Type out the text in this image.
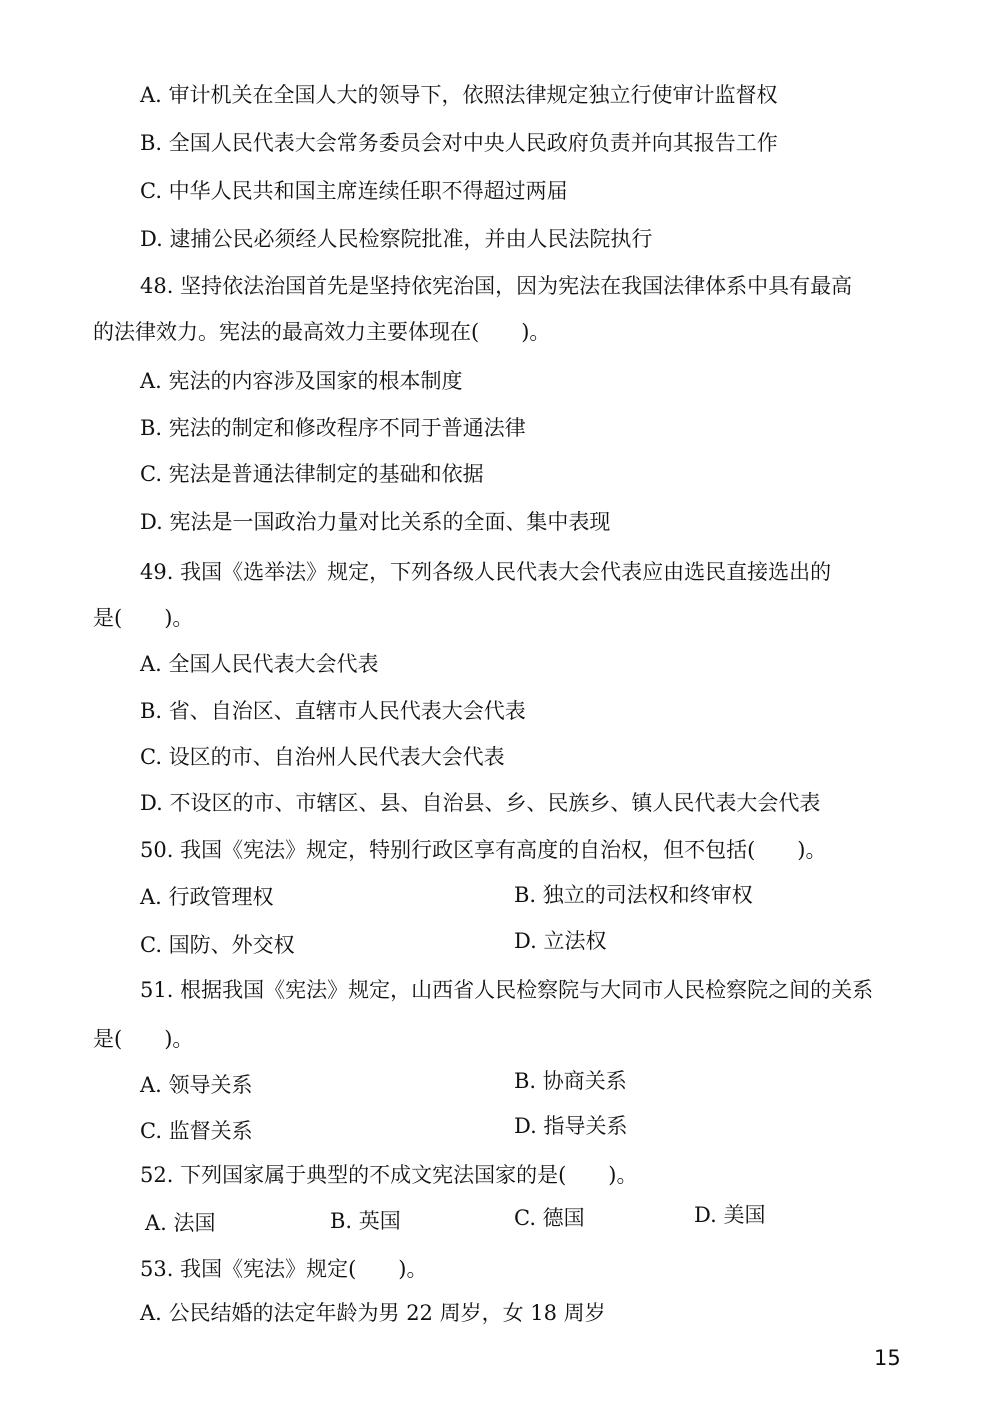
A. 审计机关在全国人大的领导下，依照法律规定独立行使审计监督权
B. 全国人民代表大会常务委员会对中央人民政府负责并向其报告工作
C. 中华人民共和国主席连续任职不得超过两届
D. 逮捕公民必须经人民检察院批准，并由人民法院执行
48. 坚持依法治国首先是坚持依宪治国，因为宪法在我国法律体系中具有最高
的法律效力。宪法的最高效力主要体现在(　　)。
A. 宪法的内容涉及国家的根本制度
B. 宪法的制定和修改程序不同于普通法律
C. 宪法是普通法律制定的基础和依据
D. 宪法是一国政治力量对比关系的全面、集中表现
49. 我国《选举法》规定，下列各级人民代表大会代表应由选民直接选出的
是(　　)。
A. 全国人民代表大会代表
B. 省、自治区、直辖市人民代表大会代表
C. 设区的市、自治州人民代表大会代表
D. 不设区的市、市辖区、县、自治县、乡、民族乡、镇人民代表大会代表
50. 我国《宪法》规定，特别行政区享有高度的自治权，但不包括(　　)。
A. 行政管理权	B. 独立的司法权和终审权
C. 国防、外交权	D. 立法权
51. 根据我国《宪法》规定，山西省人民检察院与大同市人民检察院之间的关系
是(　　)。
A. 领导关系	B. 协商关系
C. 监督关系	D. 指导关系
52. 下列国家属于典型的不成文宪法国家的是(　　)。
A. 法国	B. 英国	C. 德国	D. 美国
53. 我国《宪法》规定(　　)。
A. 公民结婚的法定年龄为男 22 周岁，女 18 周岁
15
